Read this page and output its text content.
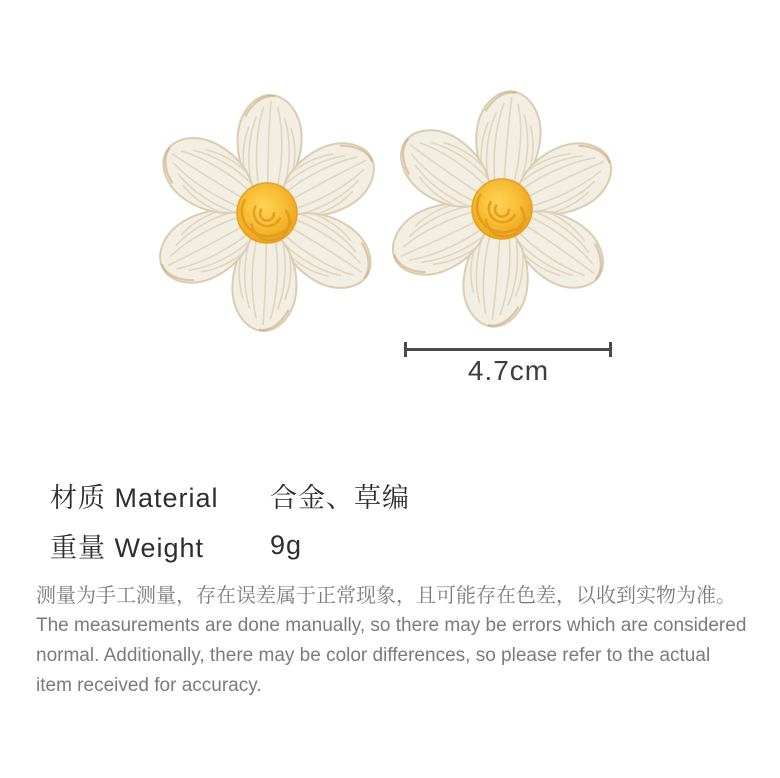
4.7cm
材质 Material	合金、草编
重量 Weight	9g
测量为手工测量，存在误差属于正常现象，且可能存在色差，以收到实物为准。
The measurements are done manually, so there may be errors which are considered
normal. Additionally, there may be color differences, so please refer to the actual
item received for accuracy.
